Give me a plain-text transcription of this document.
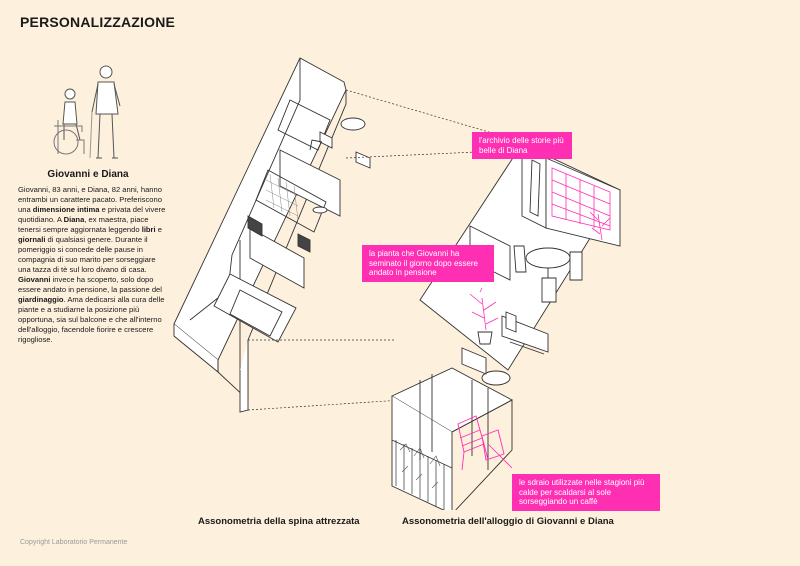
PERSONALIZZAZIONE
Giovanni e Diana
Giovanni, 83 anni, e Diana, 82 anni, hanno entrambi un carattere pacato. Preferiscono una dimensione intima e privata del vivere quotidiano. A Diana, ex maestra, piace tenersi sempre aggiornata leggendo libri e giornali di qualsiasi genere. Durante il pomeriggio si concede delle pause in compagnia di suo marito per sorseggiare una tazza di tè sul loro divano di casa. Giovanni invece ha scoperto, solo dopo essere andato in pensione, la passione del giardinaggio. Ama dedicarsi alla cura delle piante e a studiarne la posizione più opportuna, sia sul balcone e che all'interno dell'alloggio, facendole fiorire e crescere rigogliose.
l'archivio delle storie più belle di Diana
la pianta che Giovanni ha seminato il giorno dopo essere andato in pensione
le sdraio utilizzate nelle stagioni più calde per scaldarsi al sole sorseggiando un caffè
Assonometria della spina attrezzata	Assonometria dell'alloggio di Giovanni e Diana
Copyright Laboratorio Permanente
